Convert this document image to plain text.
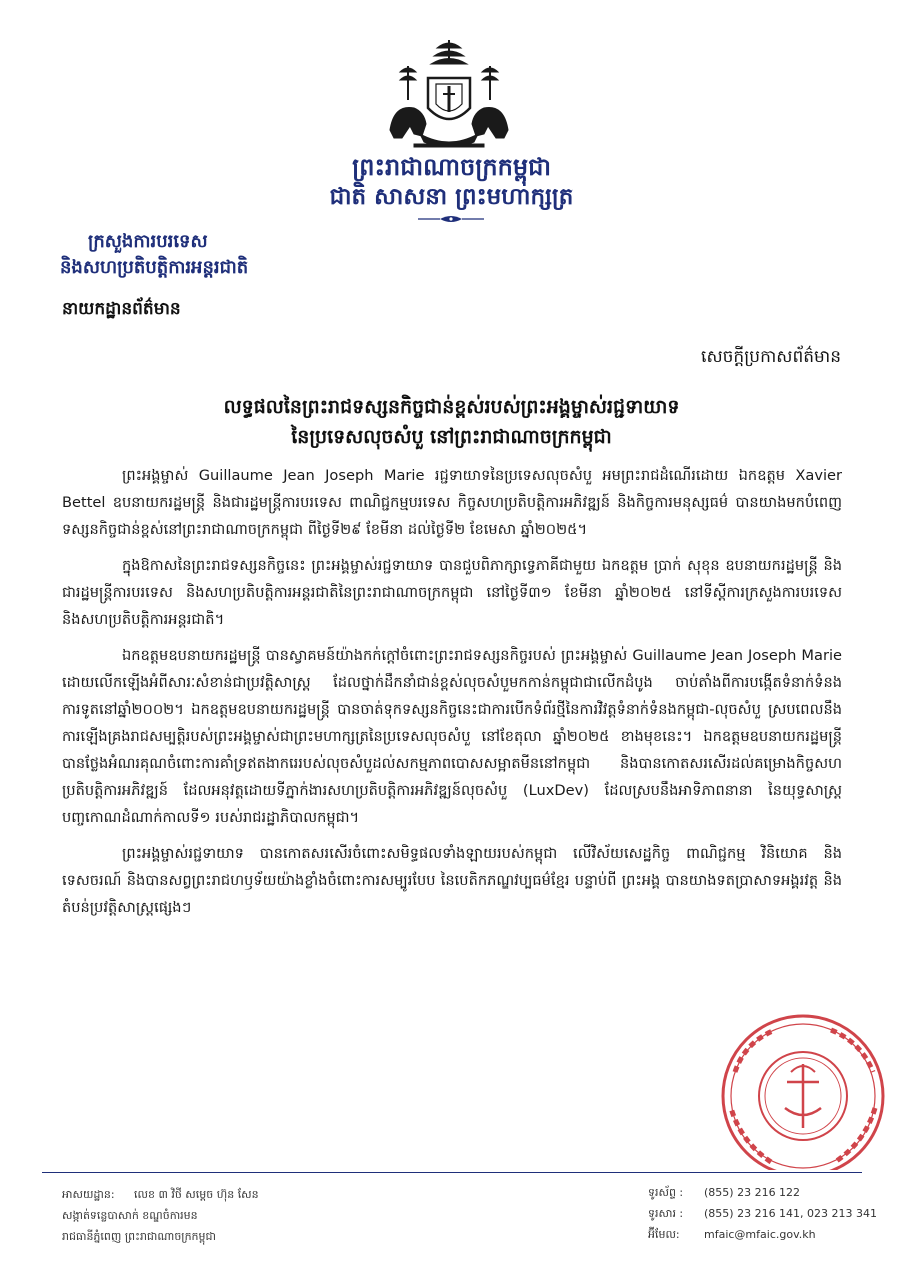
ព្រះរាជាណាចក្រកម្ពុជា
ជាតិ សាសនា ព្រះមហាក្សត្រ
ក្រសួងការបរទេស
និងសហប្រតិបត្តិការអន្តរជាតិ
នាយកដ្ឋានព័ត៌មាន
សេចក្ដីប្រកាសព័ត៌មាន
លទ្ធផលនៃព្រះរាជទស្សនកិច្ចជាន់ខ្ពស់របស់ព្រះអង្គម្ចាស់រជ្ជទាយាទ
នៃប្រទេសលុចសំបួ នៅព្រះរាជាណាចក្រកម្ពុជា

ព្រះអង្គម្ចាស់ Guillaume Jean Joseph Marie រជ្ជទាយាទនៃប្រទេសលុចសំបួ អមព្រះរាជដំណើរដោយ ឯកឧត្តម Xavier Bettel ឧបនាយករដ្ឋមន្ត្រី និងជារដ្ឋមន្ត្រីការបរទេស ពាណិជ្ជកម្មបរទេស កិច្ចសហប្រតិបត្តិការអភិវឌ្ឍន៍ និងកិច្ចការមនុស្សធម៌ បានយាងមកបំពេញទស្សនកិច្ចជាន់ខ្ពស់នៅព្រះរាជាណាចក្រកម្ពុជា ពីថ្ងៃទី២៩ ខែមីនា ដល់ថ្ងៃទី២ ខែមេសា ឆ្នាំ២០២៥។

ក្នុងឱកាសនៃព្រះរាជទស្សនកិច្ចនេះ ព្រះអង្គម្ចាស់រជ្ជទាយាទ បានជួបពិភាក្សាទ្វេភាគីជាមួយ ឯកឧត្តម ប្រាក់ សុខុន ឧបនាយករដ្ឋមន្ត្រី និងជារដ្ឋមន្ត្រីការបរទេស និងសហប្រតិបត្តិការអន្តរជាតិនៃព្រះរាជាណាចក្រកម្ពុជា នៅថ្ងៃទី៣១ ខែមីនា ឆ្នាំ២០២៥ នៅទីស្ដីការក្រសួងការបរទេស និងសហប្រតិបត្តិការអន្តរជាតិ។

ឯកឧត្តមឧបនាយករដ្ឋមន្ត្រី បានស្វាគមន៍យ៉ាងកក់ក្ដៅចំពោះព្រះរាជទស្សនកិច្ចរបស់ ព្រះអង្គម្ចាស់ Guillaume Jean Joseph Marie ដោយលើកឡើងអំពីសារៈសំខាន់ជាប្រវត្តិសាស្ត្រ ដែលថ្នាក់ដឹកនាំជាន់ខ្ពស់លុចសំបួមកកាន់កម្ពុជាជាលើកដំបូង ចាប់តាំងពីការបង្កើតទំនាក់ទំនងការទូតនៅឆ្នាំ២០០២។ ឯកឧត្តមឧបនាយករដ្ឋមន្ត្រី បានចាត់ទុកទស្សនកិច្ចនេះជាការបើកទំព័រថ្មីនៃការវិវត្តទំនាក់ទំនងកម្ពុជា-លុចសំបួ ស្របពេលនឹងការឡើងគ្រងរាជសម្បត្តិរបស់ព្រះអង្គម្ចាស់ជាព្រះមហាក្សត្រនៃប្រទេសលុចសំបួ នៅខែតុលា ឆ្នាំ២០២៥ ខាងមុខនេះ។ ឯកឧត្តមឧបនាយករដ្ឋមន្ត្រី បានថ្លែងអំណរគុណចំពោះការគាំទ្រឥតងាករេរបស់លុចសំបួដល់សកម្មភាពបោសសម្អាតមីននៅកម្ពុជា និងបានកោតសរសើរដល់គម្រោងកិច្ចសហប្រតិបត្តិការអភិវឌ្ឍន៍ ដែលអនុវត្តដោយទីភ្នាក់ងារសហប្រតិបត្តិការអភិវឌ្ឍន៍លុចសំបួ (LuxDev) ដែលស្របនឹងអាទិភាពនានា នៃយុទ្ធសាស្ត្របញ្ចកោណដំណាក់កាលទី១ របស់រាជរដ្ឋាភិបាលកម្ពុជា។

ព្រះអង្គម្ចាស់រជ្ជទាយាទ បានកោតសរសើរចំពោះសមិទ្ធផលទាំងឡាយរបស់កម្ពុជា លើវិស័យសេដ្ឋកិច្ច ពាណិជ្ជកម្ម វិនិយោគ និងទេសចរណ៍ និងបានសព្វព្រះរាជហឫទ័យយ៉ាងខ្លាំងចំពោះការសម្បូរបែប នៃបេតិកភណ្ឌវប្បធម៌ខ្មែរ បន្ទាប់ពី ព្រះអង្គ បានយាងទតប្រាសាទអង្គរវត្ត និងតំបន់ប្រវត្តិសាស្ត្រផ្សេងៗ

អាសយដ្ឋាន: លេខ ៣ វិថី សម្ដេច ហ៊ុន សែន
សង្កាត់ទន្លេបាសាក់ ខណ្ឌចំការមន
រាជធានីភ្នំពេញ ព្រះរាជាណាចក្រកម្ពុជា
ទូរស័ព្ទ : (855) 23 216 122
ទូរសារ : (855) 23 216 141, 023 213 341
អ៊ីមែល: mfaic@mfaic.gov.kh
